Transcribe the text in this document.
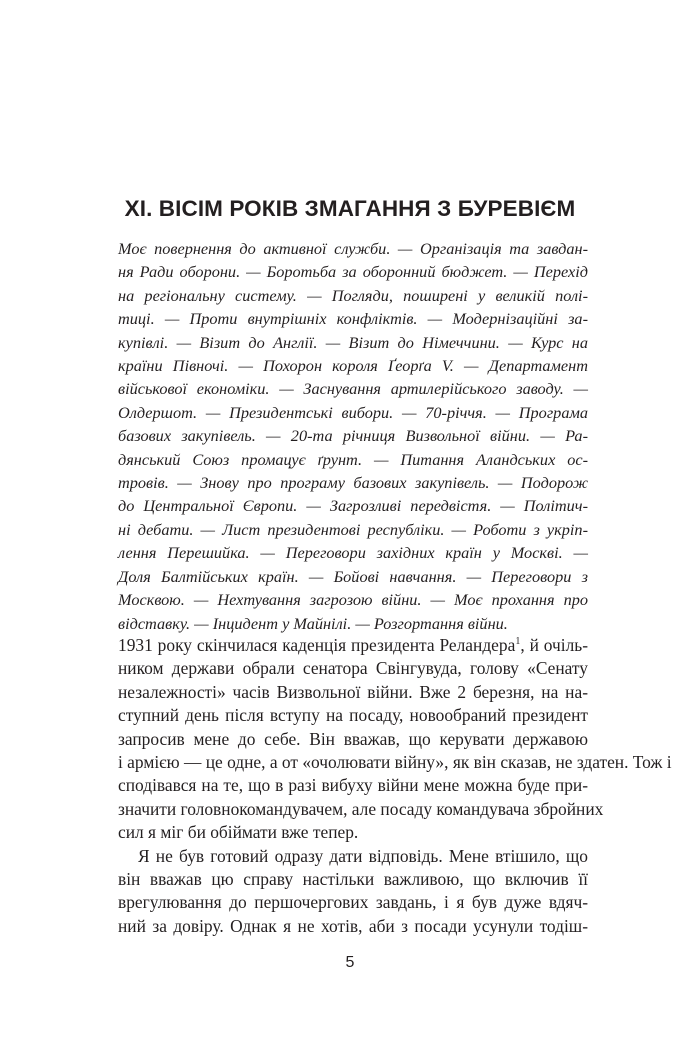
XI. ВІСІМ РОКІВ ЗМАГАННЯ З БУРЕВІЄМ
Моє повернення до активної служби. — Організація та завдан-
ня Ради оборони. — Боротьба за оборонний бюджет. — Перехід
на регіональну систему. — Погляди, поширені у великій полі-
тиці. — Проти внутрішніх конфліктів. — Модернізаційні за-
купівлі. — Візит до Англії. — Візит до Німеччини. — Курс на
країни Півночі. — Похорон короля Ґеорґа V. — Департамент
військової економіки. — Заснування артилерійського заводу. —
Олдершот. — Президентські вибори. — 70-річчя. — Програма
базових закупівель. — 20-та річниця Визвольної війни. — Ра-
дянський Союз промацує ґрунт. — Питання Аландських ос-
тровів. — Знову про програму базових закупівель. — Подорож
до Центральної Європи. — Загрозливі передвістя. — Політич-
ні дебати. — Лист президентові республіки. — Роботи з укріп-
лення Перешийка. — Переговори західних країн у Москві. —
Доля Балтійських країн. — Бойові навчання. — Переговори з
Москвою. — Нехтування загрозою війни. — Моє прохання про
відставку. — Інцидент у Майнілі. — Розгортання війни.
1931 року скінчилася каденція президента Реландера$^1$, й очіль-
ником держави обрали сенатора Свінгувуда, голову «Сенату
незалежності» часів Визвольної війни. Вже 2 березня, на на-
ступний день після вступу на посаду, новообраний президент
запросив мене до себе. Він вважав, що керувати державою
і армією — це одне, а от «очолювати війну», як він сказав, не здатен. Тож і
сподівався на те, що в разі вибуху війни мене можна буде при-
значити головнокомандувачем, але посаду командувача збройних
сил я міг би обіймати вже тепер.
Я не був готовий одразу дати відповідь. Мене втішило, що
він вважав цю справу настільки важливою, що включив її
врегулювання до першочергових завдань, і я був дуже вдяч-
ний за довіру. Однак я не хотів, аби з посади усунули тодіш-
5
